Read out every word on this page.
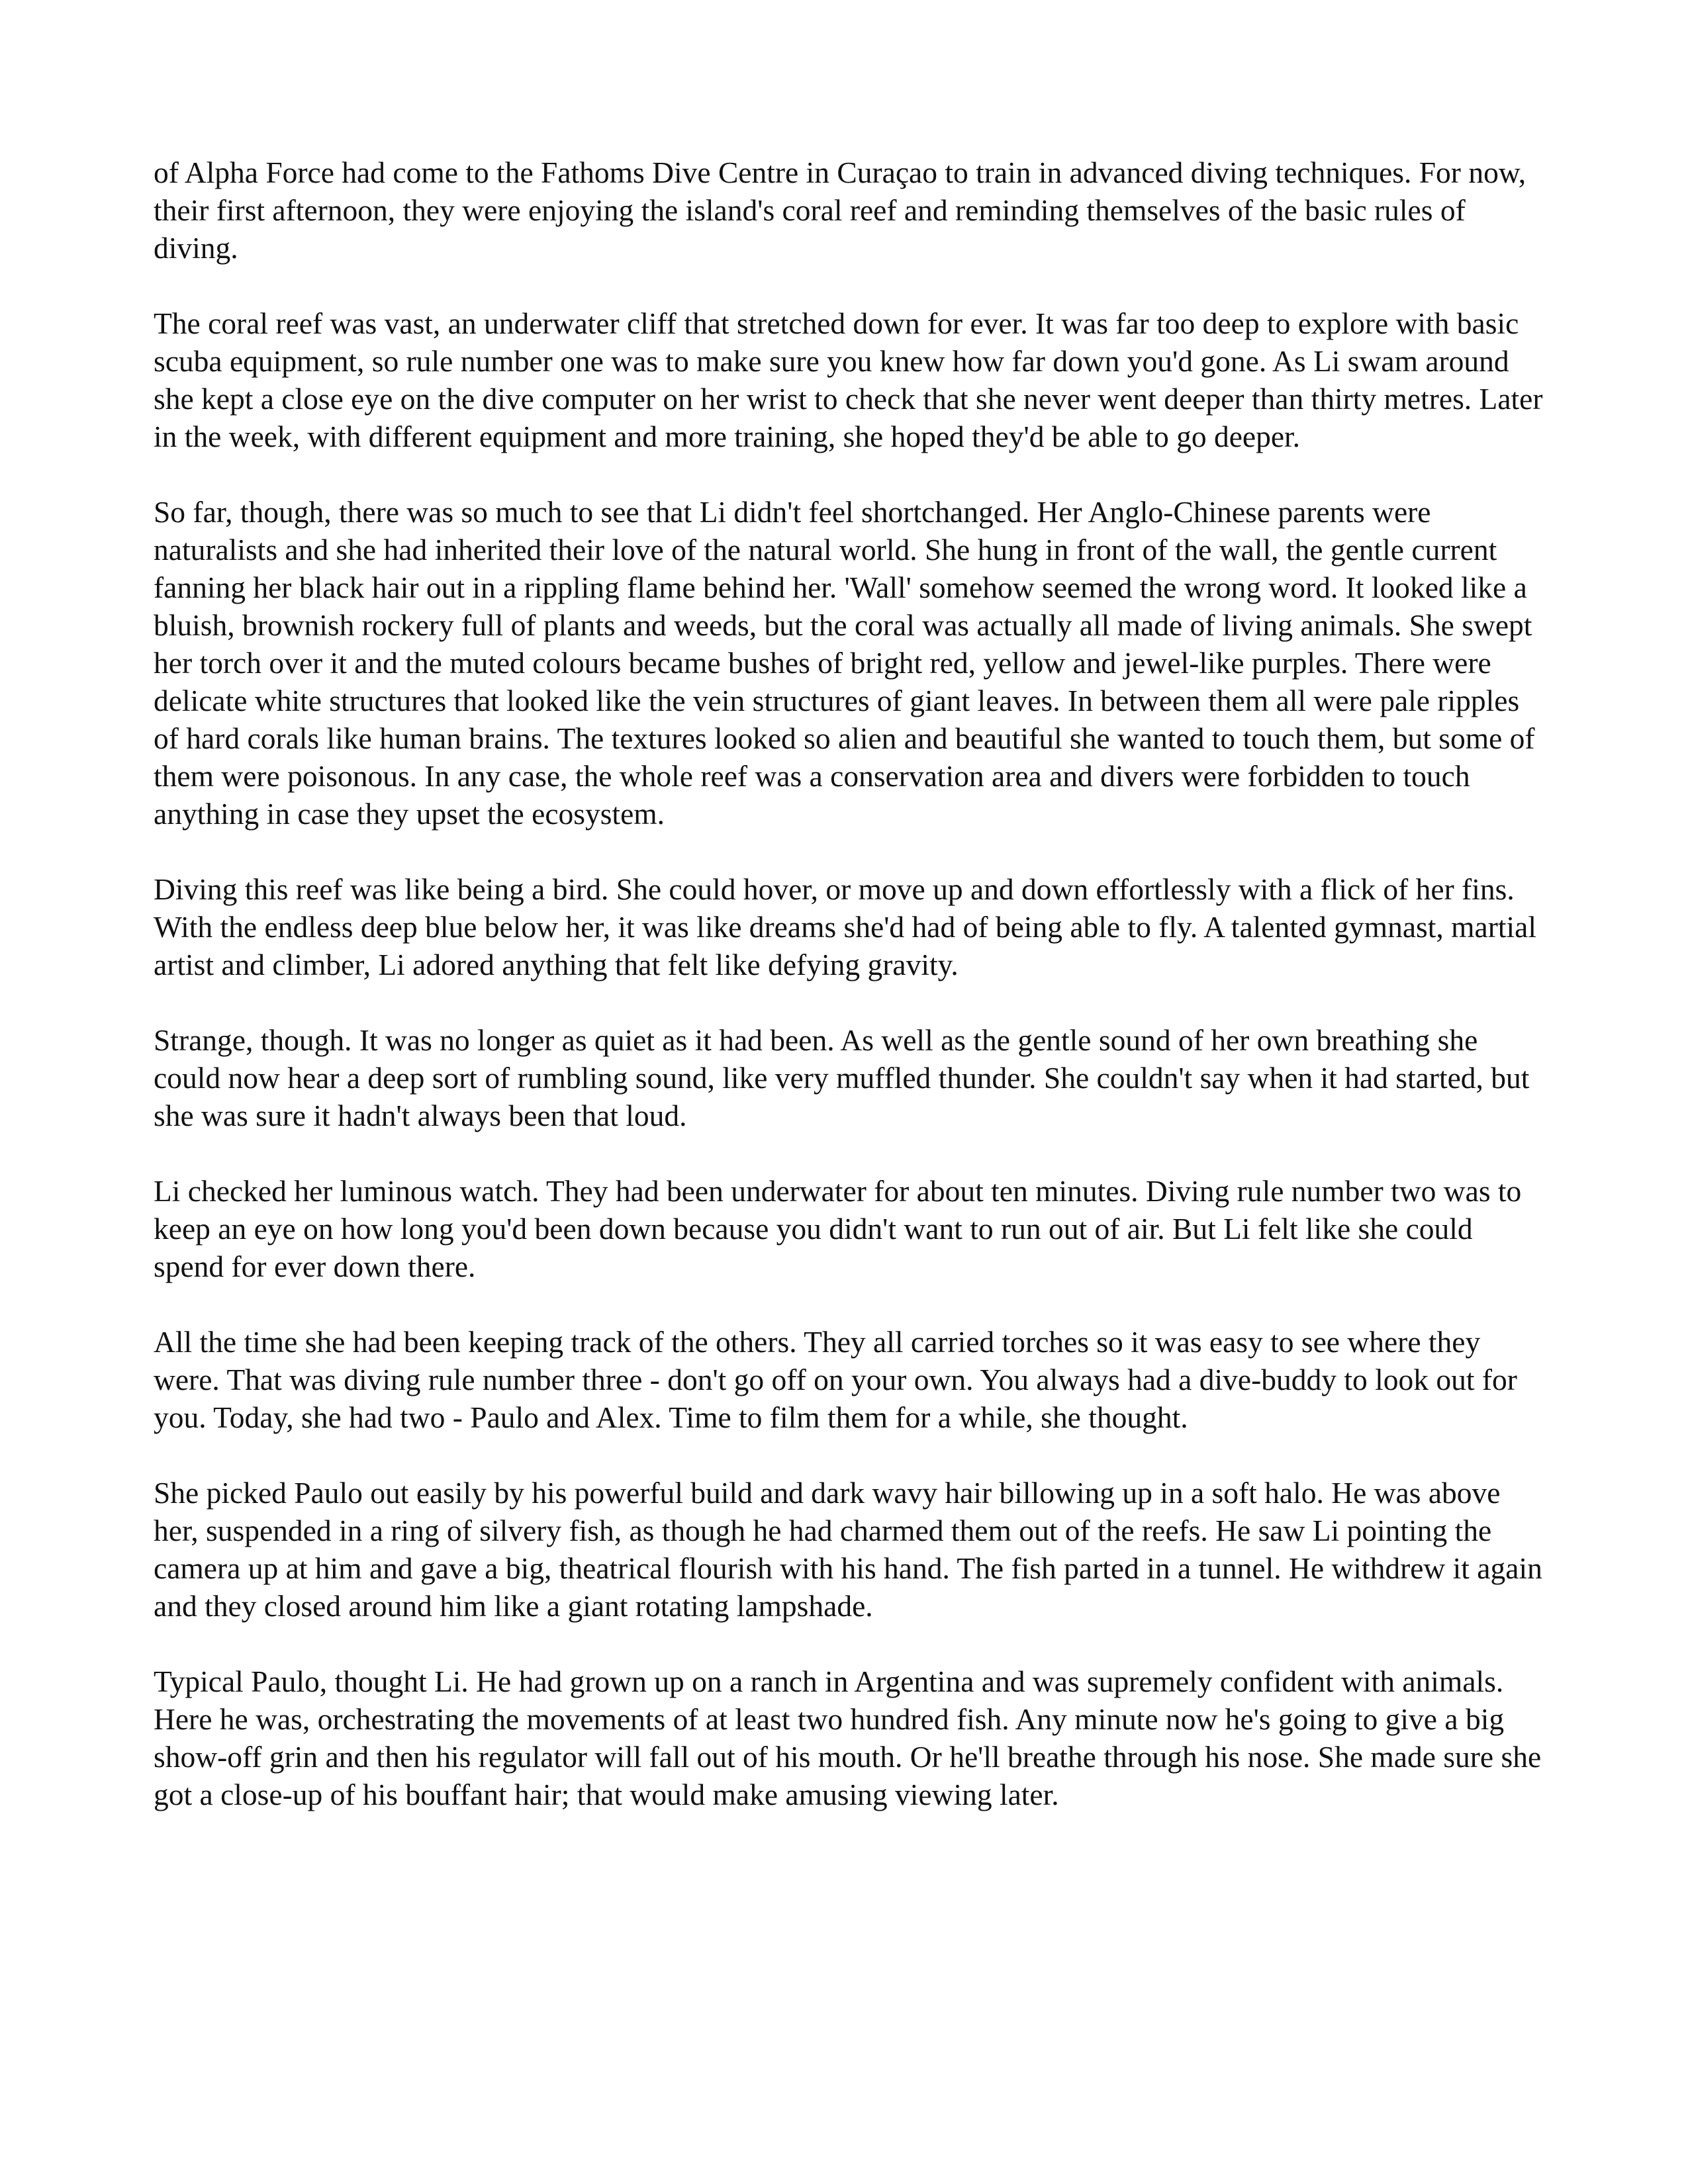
of Alpha Force had come to the Fathoms Dive Centre in Curaçao to train in advanced diving techniques. For now, their first afternoon, they were enjoying the island's coral reef and reminding themselves of the basic rules of diving.

The coral reef was vast, an underwater cliff that stretched down for ever. It was far too deep to explore with basic scuba equipment, so rule number one was to make sure you knew how far down you'd gone. As Li swam around she kept a close eye on the dive computer on her wrist to check that she never went deeper than thirty metres. Later in the week, with different equipment and more training, she hoped they'd be able to go deeper.

So far, though, there was so much to see that Li didn't feel shortchanged. Her Anglo-Chinese parents were naturalists and she had inherited their love of the natural world. She hung in front of the wall, the gentle current fanning her black hair out in a rippling flame behind her. 'Wall' somehow seemed the wrong word. It looked like a bluish, brownish rockery full of plants and weeds, but the coral was actually all made of living animals. She swept her torch over it and the muted colours became bushes of bright red, yellow and jewel-like purples. There were delicate white structures that looked like the vein structures of giant leaves. In between them all were pale ripples of hard corals like human brains. The textures looked so alien and beautiful she wanted to touch them, but some of them were poisonous. In any case, the whole reef was a conservation area and divers were forbidden to touch anything in case they upset the ecosystem.

Diving this reef was like being a bird. She could hover, or move up and down effortlessly with a flick of her fins. With the endless deep blue below her, it was like dreams she'd had of being able to fly. A talented gymnast, martial artist and climber, Li adored anything that felt like defying gravity.

Strange, though. It was no longer as quiet as it had been. As well as the gentle sound of her own breathing she could now hear a deep sort of rumbling sound, like very muffled thunder. She couldn't say when it had started, but she was sure it hadn't always been that loud.

Li checked her luminous watch. They had been underwater for about ten minutes. Diving rule number two was to keep an eye on how long you'd been down because you didn't want to run out of air. But Li felt like she could spend for ever down there.

All the time she had been keeping track of the others. They all carried torches so it was easy to see where they were. That was diving rule number three - don't go off on your own. You always had a dive-buddy to look out for you. Today, she had two - Paulo and Alex. Time to film them for a while, she thought.

She picked Paulo out easily by his powerful build and dark wavy hair billowing up in a soft halo. He was above her, suspended in a ring of silvery fish, as though he had charmed them out of the reefs. He saw Li pointing the camera up at him and gave a big, theatrical flourish with his hand. The fish parted in a tunnel. He withdrew it again and they closed around him like a giant rotating lampshade.

Typical Paulo, thought Li. He had grown up on a ranch in Argentina and was supremely confident with animals. Here he was, orchestrating the movements of at least two hundred fish. Any minute now he's going to give a big show-off grin and then his regulator will fall out of his mouth. Or he'll breathe through his nose. She made sure she got a close-up of his bouffant hair; that would make amusing viewing later.
